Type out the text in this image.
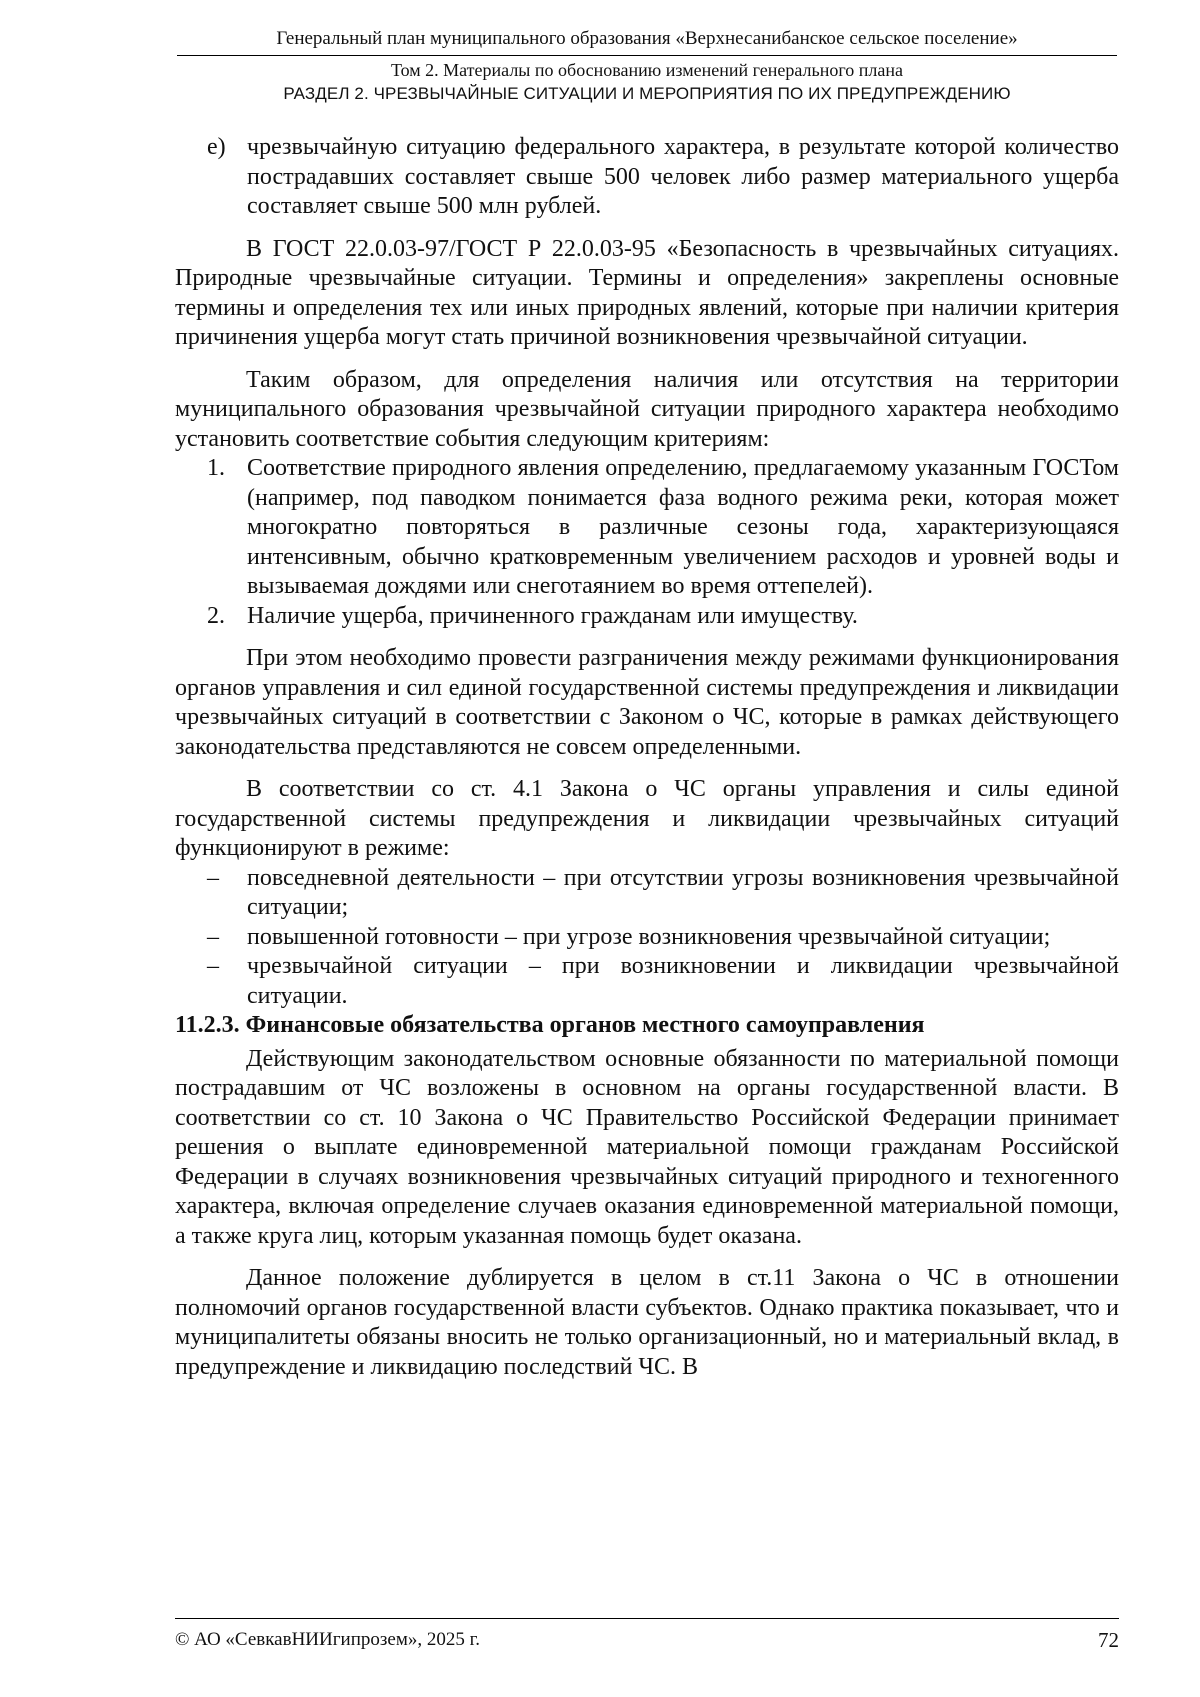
Генеральный план муниципального образования «Верхнесанибанское сельское поселение»
Том 2. Материалы по обоснованию изменений генерального плана
РАЗДЕЛ 2. ЧРЕЗВЫЧАЙНЫЕ СИТУАЦИИ И МЕРОПРИЯТИЯ ПО ИХ ПРЕДУПРЕЖДЕНИЮ
е) чрезвычайную ситуацию федерального характера, в результате которой количество пострадавших составляет свыше 500 человек либо размер материального ущерба составляет свыше 500 млн рублей.

В ГОСТ 22.0.03-97/ГОСТ Р 22.0.03-95 «Безопасность в чрезвычайных ситуациях. Природные чрезвычайные ситуации. Термины и определения» закреплены основные термины и определения тех или иных природных явлений, которые при наличии критерия причинения ущерба могут стать причиной возникновения чрезвычайной ситуации.

Таким образом, для определения наличия или отсутствия на территории муниципального образования чрезвычайной ситуации природного характера необходимо установить соответствие события следующим критериям:

1. Соответствие природного явления определению, предлагаемому указанным ГОСТом (например, под паводком понимается фаза водного режима реки, которая может многократно повторяться в различные сезоны года, характеризующаяся интенсивным, обычно кратковременным увеличением расходов и уровней воды и вызываемая дождями или снеготаянием во время оттепелей).
2. Наличие ущерба, причиненного гражданам или имуществу.

При этом необходимо провести разграничения между режимами функционирования органов управления и сил единой государственной системы предупреждения и ликвидации чрезвычайных ситуаций в соответствии с Законом о ЧС, которые в рамках действующего законодательства представляются не совсем определенными.

В соответствии со ст. 4.1 Закона о ЧС органы управления и силы единой государственной системы предупреждения и ликвидации чрезвычайных ситуаций функционируют в режиме:

–	повседневной деятельности – при отсутствии угрозы возникновения чрезвычайной ситуации;
–	повышенной готовности – при угрозе возникновения чрезвычайной ситуации;
–	чрезвычайной ситуации – при возникновении и ликвидации чрезвычайной ситуации.

11.2.3. Финансовые обязательства органов местного самоуправления

Действующим законодательством основные обязанности по материальной помощи пострадавшим от ЧС возложены в основном на органы государственной власти. В соответствии со ст. 10 Закона о ЧС Правительство Российской Федерации принимает решения о выплате единовременной материальной помощи гражданам Российской Федерации в случаях возникновения чрезвычайных ситуаций природного и техногенного характера, включая определение случаев оказания единовременной материальной помощи, а также круга лиц, которым указанная помощь будет оказана.

Данное положение дублируется в целом в ст.11 Закона о ЧС в отношении полномочий органов государственной власти субъектов. Однако практика показывает, что и муниципалитеты обязаны вносить не только организационный, но и материальный вклад, в предупреждение и ликвидацию последствий ЧС. В

© АО «СевкавНИИгипрозем», 2025 г.	72
